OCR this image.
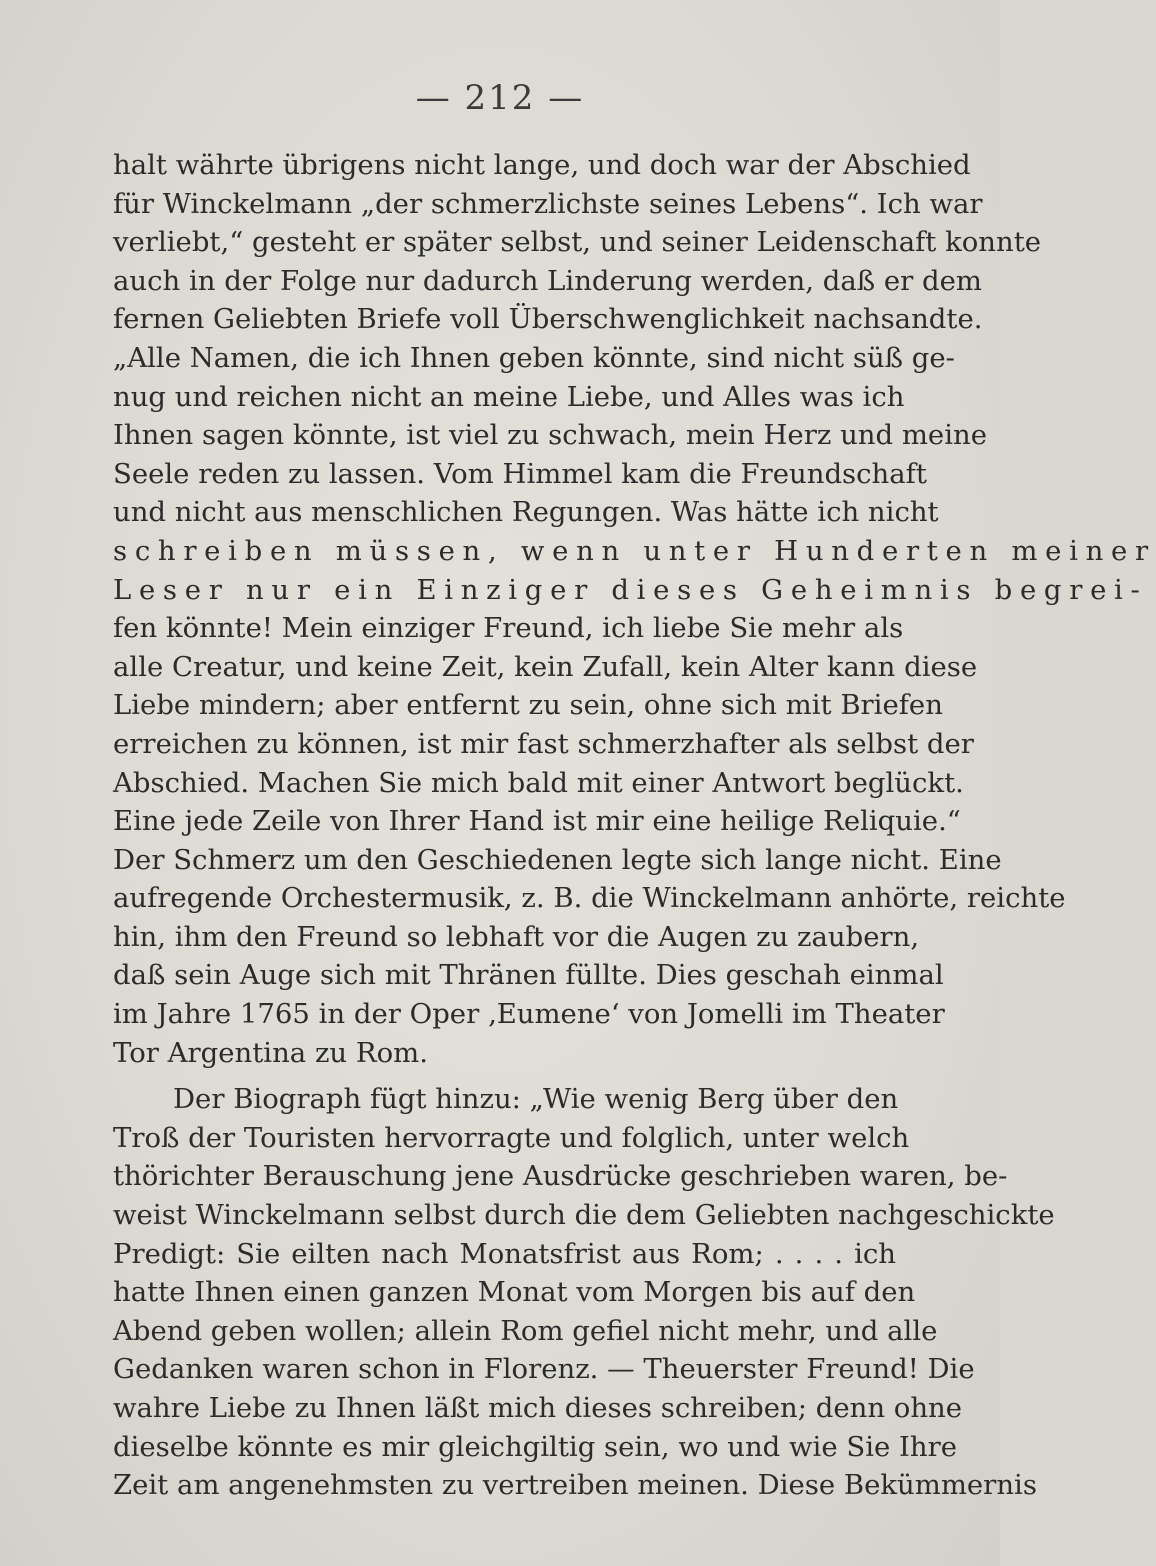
— 212 —
halt währte übrigens nicht lange, und doch war der Abschied
für Winckelmann „der schmerzlichste seines Lebens“. Ich war
verliebt,“ gesteht er später selbst, und seiner Leidenschaft konnte
auch in der Folge nur dadurch Linderung werden, daß er dem
fernen Geliebten Briefe voll Überschwenglichkeit nachsandte.
„Alle Namen, die ich Ihnen geben könnte, sind nicht süß ge-
nug und reichen nicht an meine Liebe, und Alles was ich
Ihnen sagen könnte, ist viel zu schwach, mein Herz und meine
Seele reden zu lassen. Vom Himmel kam die Freundschaft
und nicht aus menschlichen Regungen. Was hätte ich nicht
schreiben müssen, wenn unter Hunderten meiner
Leser nur ein Einziger dieses Geheimnis begrei-
fen könnte! Mein einziger Freund, ich liebe Sie mehr als
alle Creatur, und keine Zeit, kein Zufall, kein Alter kann diese
Liebe mindern; aber entfernt zu sein, ohne sich mit Briefen
erreichen zu können, ist mir fast schmerzhafter als selbst der
Abschied. Machen Sie mich bald mit einer Antwort beglückt.
Eine jede Zeile von Ihrer Hand ist mir eine heilige Reliquie.“
Der Schmerz um den Geschiedenen legte sich lange nicht. Eine
aufregende Orchestermusik, z. B. die Winckelmann anhörte, reichte
hin, ihm den Freund so lebhaft vor die Augen zu zaubern,
daß sein Auge sich mit Thränen füllte. Dies geschah einmal
im Jahre 1765 in der Oper ‚Eumene‘ von Jomelli im Theater
Tor Argentina zu Rom.
Der Biograph fügt hinzu: „Wie wenig Berg über den
Troß der Touristen hervorragte und folglich, unter welch
thörichter Berauschung jene Ausdrücke geschrieben waren, be-
weist Winckelmann selbst durch die dem Geliebten nachgeschickte
Predigt: Sie eilten nach Monatsfrist aus Rom; . . . . ich
hatte Ihnen einen ganzen Monat vom Morgen bis auf den
Abend geben wollen; allein Rom gefiel nicht mehr, und alle
Gedanken waren schon in Florenz. — Theuerster Freund! Die
wahre Liebe zu Ihnen läßt mich dieses schreiben; denn ohne
dieselbe könnte es mir gleichgiltig sein, wo und wie Sie Ihre
Zeit am angenehmsten zu vertreiben meinen. Diese Bekümmernis
